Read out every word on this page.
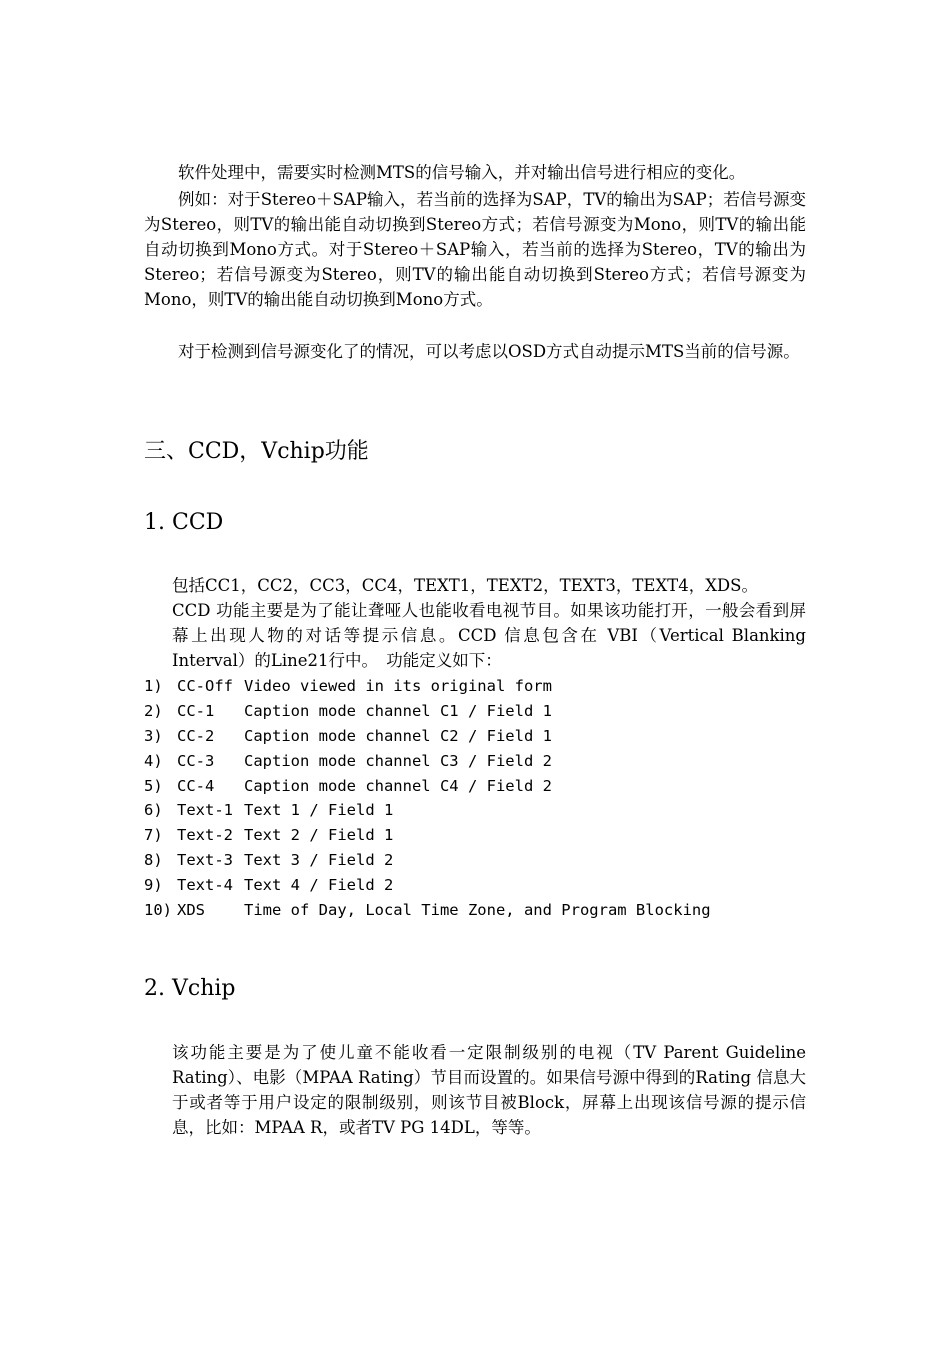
软件处理中，需要实时检测MTS的信号输入，并对输出信号进行相应的变化。

例如：对于Stereo＋SAP输入，若当前的选择为SAP，TV的输出为SAP；若信号源变为Stereo，则TV的输出能自动切换到Stereo方式；若信号源变为Mono，则TV的输出能自动切换到Mono方式。对于Stereo＋SAP输入，若当前的选择为Stereo，TV的输出为Stereo；若信号源变为Stereo，则TV的输出能自动切换到Stereo方式；若信号源变为Mono，则TV的输出能自动切换到Mono方式。

对于检测到信号源变化了的情况，可以考虑以OSD方式自动提示MTS当前的信号源。

三、CCD，Vchip功能
1. CCD

包括CC1，CC2，CC3，CC4，TEXT1，TEXT2，TEXT3，TEXT4，XDS。

CCD 功能主要是为了能让聋哑人也能收看电视节目。如果该功能打开，一般会看到屏幕上出现人物的对话等提示信息。CCD 信息包含在 VBI（Vertical Blanking Interval）的Line21行中。　功能定义如下：

1) CC-Off Video viewed in its original form
2) CC-1 Caption mode channel C1 / Field 1
3) CC-2 Caption mode channel C2 / Field 1
4) CC-3 Caption mode channel C3 / Field 2
5) CC-4 Caption mode channel C4 / Field 2
6) Text-1 Text 1 / Field 1
7) Text-2 Text 2 / Field 1
8) Text-3 Text 3 / Field 2
9) Text-4 Text 4 / Field 2
10) XDS	Time of Day, Local Time Zone, and Program Blocking
2. Vchip

该功能主要是为了使儿童不能收看一定限制级别的电视（TV Parent Guideline Rating）、电影（MPAA Rating）节目而设置的。如果信号源中得到的Rating 信息大于或者等于用户设定的限制级别，则该节目被Block，屏幕上出现该信号源的提示信息，比如：MPAA R，或者TV PG 14DL，等等。
